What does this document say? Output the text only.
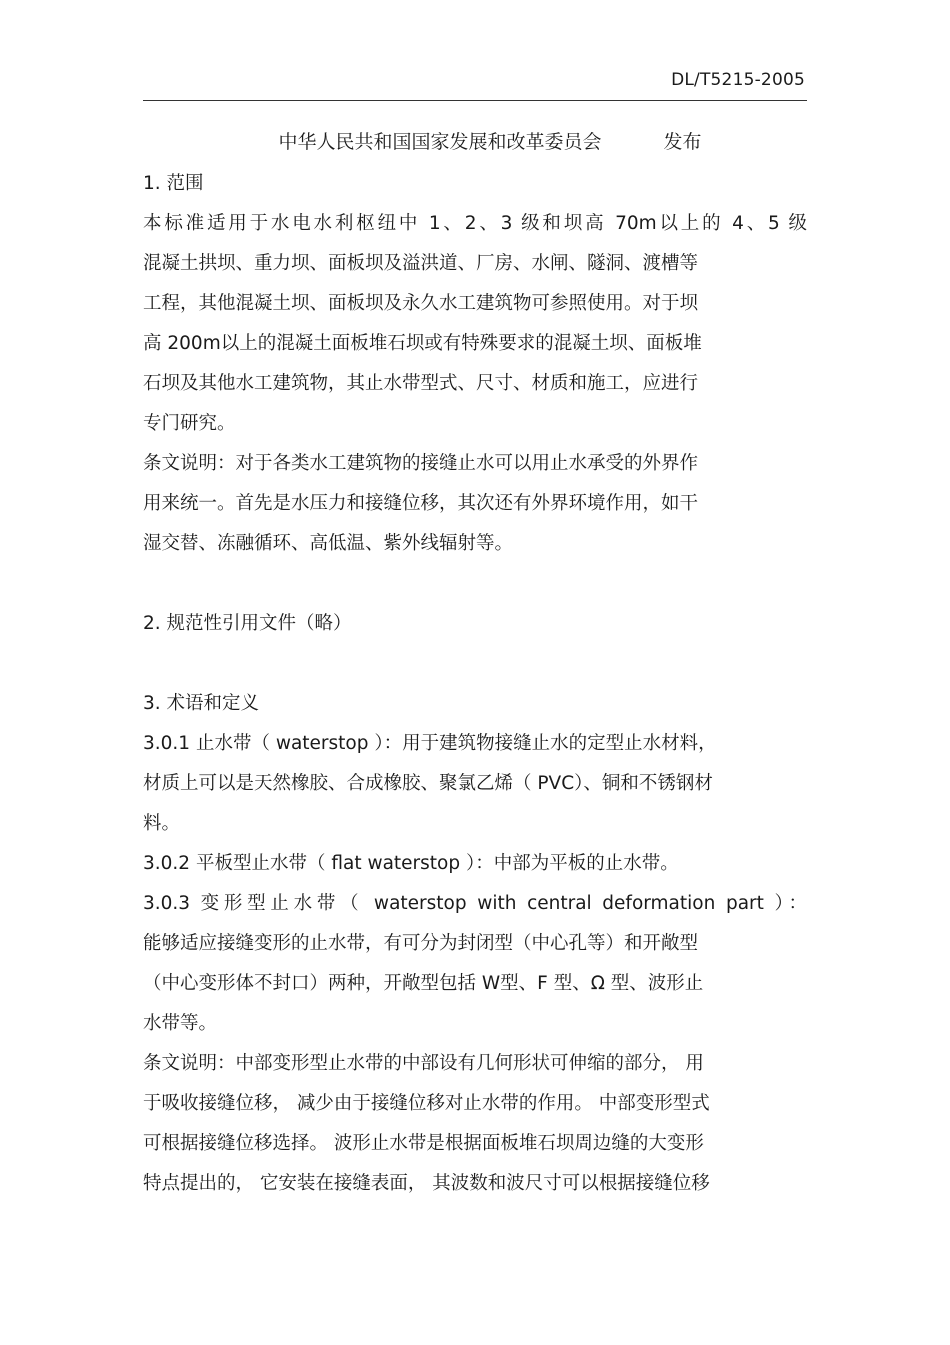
DL/T5215-2005
中华人民共和国国家发展和改革委员会	发布
1. 范围
本标准适用于水电水利枢纽中 1、2、3 级和坝高 70m以上的 4、5 级
混凝土拱坝、重力坝、面板坝及溢洪道、厂房、水闸、隧洞、渡槽等
工程，其他混凝土坝、面板坝及永久水工建筑物可参照使用。对于坝
高 200m以上的混凝土面板堆石坝或有特殊要求的混凝土坝、面板堆
石坝及其他水工建筑物，其止水带型式、尺寸、材质和施工，应进行
专门研究。
条文说明：对于各类水工建筑物的接缝止水可以用止水承受的外界作
用来统一。首先是水压力和接缝位移，其次还有外界环境作用，如干
湿交替、冻融循环、高低温、紫外线辐射等。
2. 规范性引用文件（略）
3. 术语和定义
3.0.1 止水带（ waterstop ）：用于建筑物接缝止水的定型止水材料，
材质上可以是天然橡胶、合成橡胶、聚氯乙烯（ PVC）、铜和不锈钢材
料。
3.0.2 平板型止水带（ flat waterstop ）：中部为平板的止水带。
3.0.3 变形型止水带（ waterstop with central deformation part ）：
能够适应接缝变形的止水带，有可分为封闭型（中心孔等）和开敞型
（中心变形体不封口）两种，开敞型包括 W型、F 型、Ω 型、波形止
水带等。
条文说明：中部变形型止水带的中部设有几何形状可伸缩的部分， 用
于吸收接缝位移， 减少由于接缝位移对止水带的作用。 中部变形型式
可根据接缝位移选择。 波形止水带是根据面板堆石坝周边缝的大变形
特点提出的， 它安装在接缝表面， 其波数和波尺寸可以根据接缝位移
